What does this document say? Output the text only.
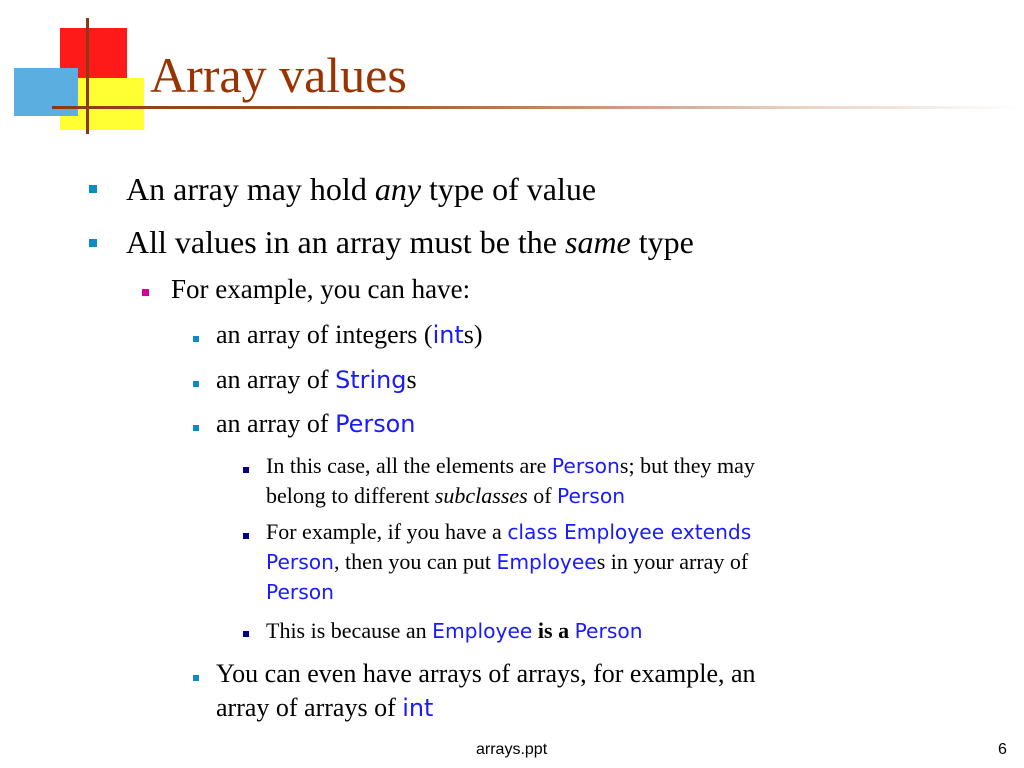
Array values

An array may hold any type of value

All values in an array must be the same type

For example, you can have:

an array of integers (ints)

an array of Strings

an array of Person

In this case, all the elements are Persons; but they may
belong to different subclasses of Person

For example, if you have a class Employee extends
Person, then you can put Employees in your array of
Person

This is because an Employee is a Person

You can even have arrays of arrays, for example, an
array of arrays of int

arrays.ppt	6
